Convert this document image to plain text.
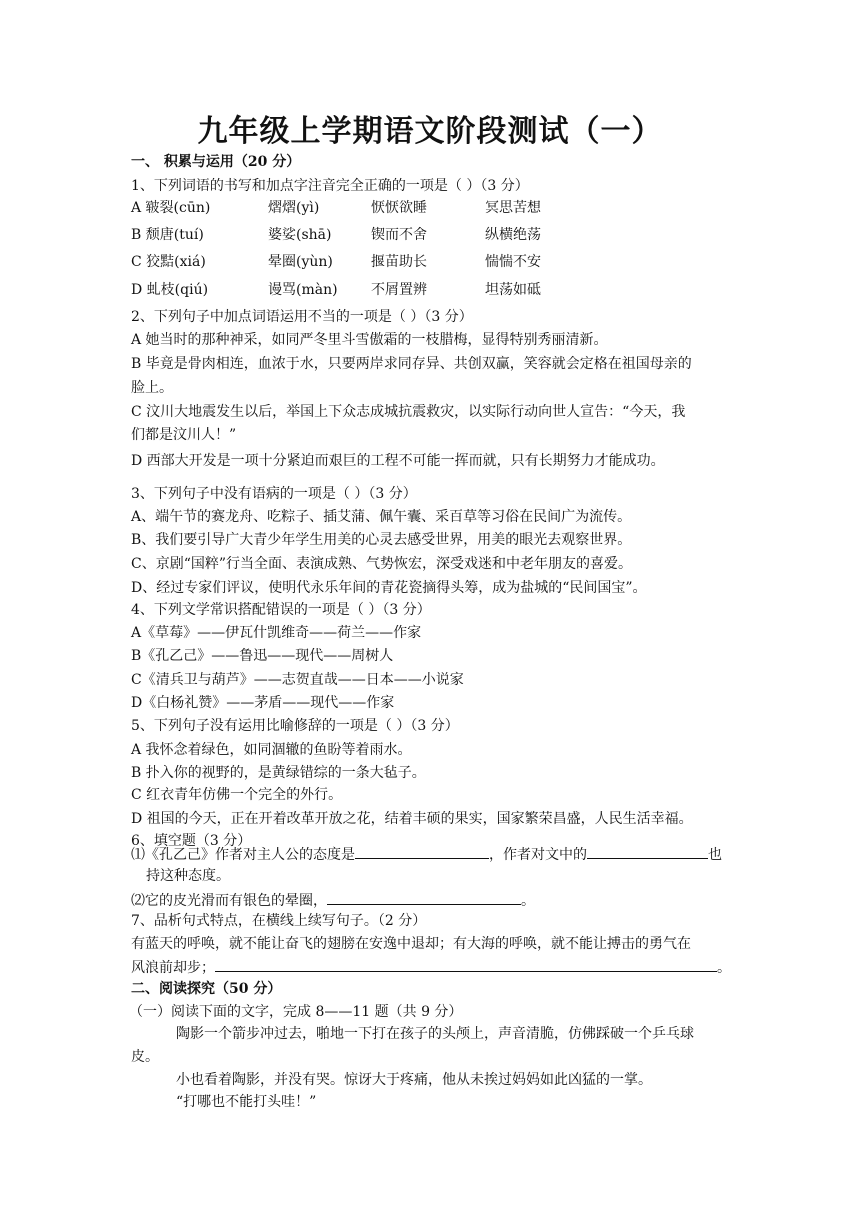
九年级上学期语文阶段测试（一）
一、 积累与运用（20 分）
1、下列词语的书写和加点字注音完全正确的一项是（ ）（3 分）
A 皲裂(cūn)	熠熠(yì)	恹恹欲睡	冥思苦想
B 颓唐(tuí)	婆娑(shā)	锲而不舍	纵横绝荡
C 狡黠(xiá)	晕圈(yùn)	揠苗助长	惴惴不安
D 虬枝(qiú)	谩骂(màn) 不屑置辨	坦荡如砥
2、下列句子中加点词语运用不当的一项是（ ）（3 分）
A 她当时的那种神采，如同严冬里斗雪傲霜的一枝腊梅，显得特别秀丽清新。
B 毕竟是骨肉相连，血浓于水，只要两岸求同存异、共创双赢，笑容就会定格在祖国母亲的
脸上。
C 汶川大地震发生以后，举国上下众志成城抗震救灾，以实际行动向世人宣告：“今天，我
们都是汶川人！”
D 西部大开发是一项十分紧迫而艰巨的工程不可能一挥而就，只有长期努力才能成功。
3、下列句子中没有语病的一项是（ ）（3 分）
A、端午节的赛龙舟、吃粽子、插艾蒲、佩午囊、采百草等习俗在民间广为流传。
B、我们要引导广大青少年学生用美的心灵去感受世界，用美的眼光去观察世界。
C、京剧“国粹”行当全面、表演成熟、气势恢宏，深受戏迷和中老年朋友的喜爱。
D、经过专家们评议，使明代永乐年间的青花瓷摘得头筹，成为盐城的“民间国宝”。
4、下列文学常识搭配错误的一项是（ ）（3 分）
A《草莓》——伊瓦什凯维奇——荷兰——作家
B《孔乙己》——鲁迅——现代——周树人
C《清兵卫与葫芦》——志贺直哉——日本——小说家
D《白杨礼赞》——茅盾——现代——作家
5、下列句子没有运用比喻修辞的一项是（ ）（3 分）
A 我怀念着绿色，如同涸辙的鱼盼等着雨水。
B 扑入你的视野的，是黄绿错综的一条大毡子。
C 红衣青年仿佛一个完全的外行。
D 祖国的今天，正在开着改革开放之花，结着丰硕的果实，国家繁荣昌盛，人民生活幸福。
6、填空题（3 分）
⑴《孔乙己》作者对主人公的态度是	，作者对文中的	也
持这种态度。
⑵它的皮光滑而有银色的晕圈，	。
7、品析句式特点，在横线上续写句子。（2 分）
有蓝天的呼唤，就不能让奋飞的翅膀在安逸中退却；有大海的呼唤，就不能让搏击的勇气在
风浪前却步；	。
二、阅读探究（50 分）
（一）阅读下面的文字，完成 8——11 题（共 9 分）
陶影一个箭步冲过去，啪地一下打在孩子的头颅上，声音清脆，仿佛踩破一个乒乓球
皮。
小也看着陶影，并没有哭。惊讶大于疼痛，他从未挨过妈妈如此凶猛的一掌。
“打哪也不能打头哇！”
